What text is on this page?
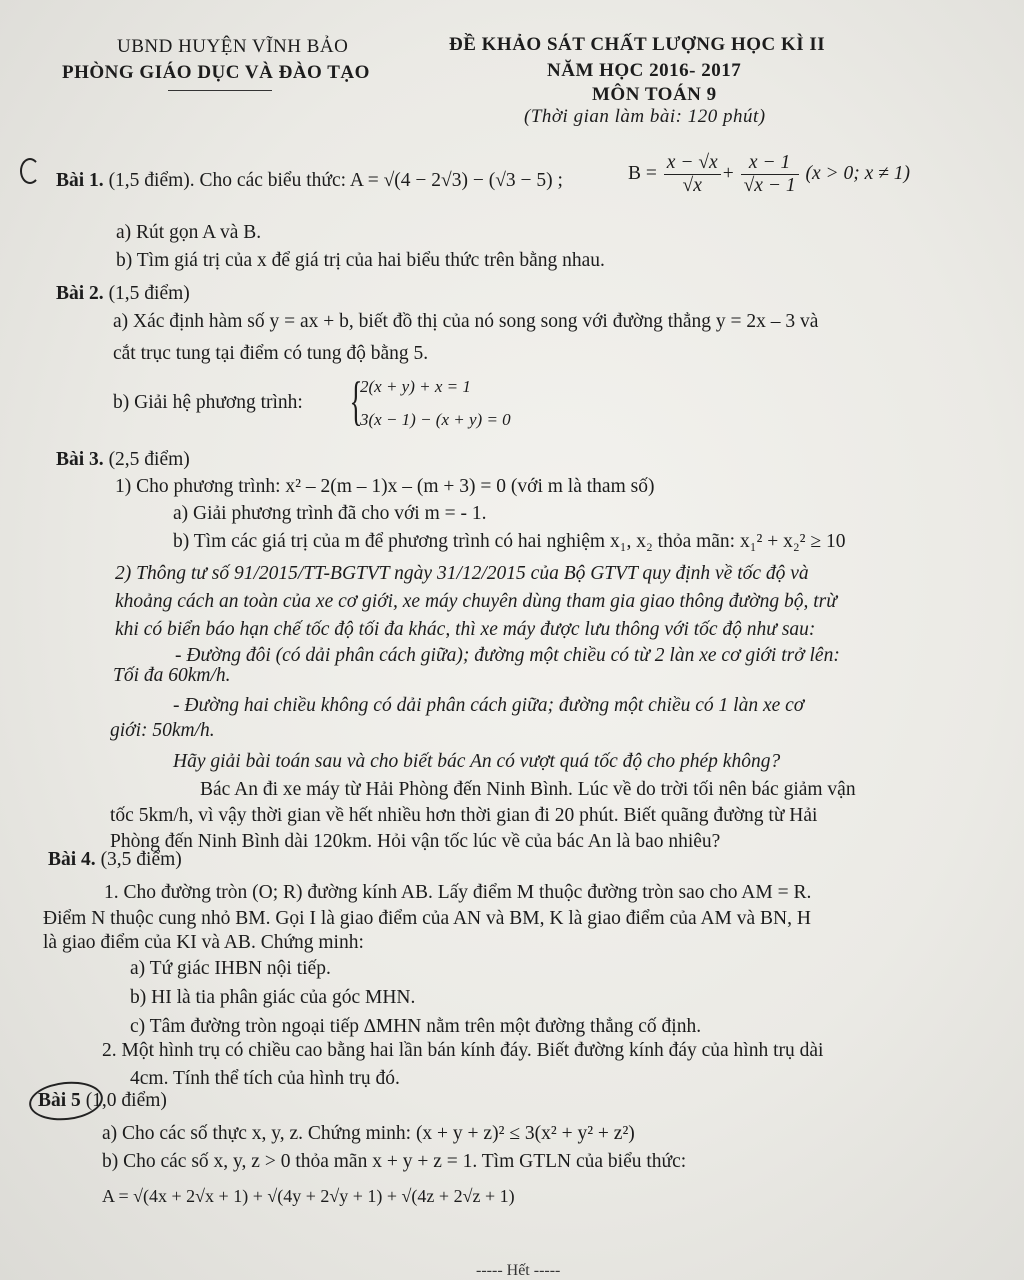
UBND HUYỆN VĨNH BẢO
PHÒNG GIÁO DỤC VÀ ĐÀO TẠO
ĐỀ KHẢO SÁT CHẤT LƯỢNG HỌC KÌ II
NĂM HỌC 2016- 2017
MÔN TOÁN 9
(Thời gian làm bài: 120 phút)
Bài 1. (1,5 điểm). Cho các biểu thức: A = √(4 − 2√3) − (√3 − 5) ;	$B = \frac{x - √x}{√x} + \frac{x - 1}{√x - 1} (x > 0$; x ≠ 1)
a) Rút gọn A và B.
b) Tìm giá trị của x để giá trị của hai biểu thức trên bằng nhau.
Bài 2. (1,5 điểm)
a) Xác định hàm số y = ax + b, biết đồ thị của nó song song với đường thẳng y = 2x – 3 và
cắt trục tung tại điểm có tung độ bằng 5.
b) Giải hệ phương trình: {
2(x + y) + x = 1
3(x − 1) − (x + y) = 0
Bài 3. (2,5 điểm)
1) Cho phương trình: x² – 2(m – 1)x – (m + 3) = 0 (với m là tham số)
a) Giải phương trình đã cho với m = - 1.
b) Tìm các giá trị của m để phương trình có hai nghiệm x₁, x₂ thỏa mãn: x₁² + x₂² ≥ 10
2) Thông tư số 91/2015/TT-BGTVT ngày 31/12/2015 của Bộ GTVT quy định về tốc độ và
khoảng cách an toàn của xe cơ giới, xe máy chuyên dùng tham gia giao thông đường bộ, trừ
khi có biển báo hạn chế tốc độ tối đa khác, thì xe máy được lưu thông với tốc độ như sau:
- Đường đôi (có dải phân cách giữa); đường một chiều có từ 2 làn xe cơ giới trở lên:
Tối đa 60km/h.
- Đường hai chiều không có dải phân cách giữa; đường một chiều có 1 làn xe cơ
giới: 50km/h.
Hãy giải bài toán sau và cho biết bác An có vượt quá tốc độ cho phép không?
Bác An đi xe máy từ Hải Phòng đến Ninh Bình. Lúc về do trời tối nên bác giảm vận
tốc 5km/h, vì vậy thời gian về hết nhiều hơn thời gian đi 20 phút. Biết quãng đường từ Hải
Phòng đến Ninh Bình dài 120km. Hỏi vận tốc lúc về của bác An là bao nhiêu?
Bài 4. (3,5 điểm)
1. Cho đường tròn (O; R) đường kính AB. Lấy điểm M thuộc đường tròn sao cho AM = R.
Điểm N thuộc cung nhỏ BM. Gọi I là giao điểm của AN và BM, K là giao điểm của AM và BN, H
là giao điểm của KI và AB. Chứng minh:
a) Tứ giác IHBN nội tiếp.
b) HI là tia phân giác của góc MHN.
c) Tâm đường tròn ngoại tiếp ∆MHN nằm trên một đường thẳng cố định.
2. Một hình trụ có chiều cao bằng hai lần bán kính đáy. Biết đường kính đáy của hình trụ dài
4cm. Tính thể tích của hình trụ đó.
Bài 5 (1,0 điểm)
a) Cho các số thực x, y, z. Chứng minh: (x + y + z)² ≤ 3(x² + y² + z²)
b) Cho các số x, y, z > 0 thỏa mãn x + y + z = 1. Tìm GTLN của biểu thức:
A = √(4x + 2√x + 1) + √(4y + 2√y + 1) + √(4z + 2√z + 1)
----- Hết -----
